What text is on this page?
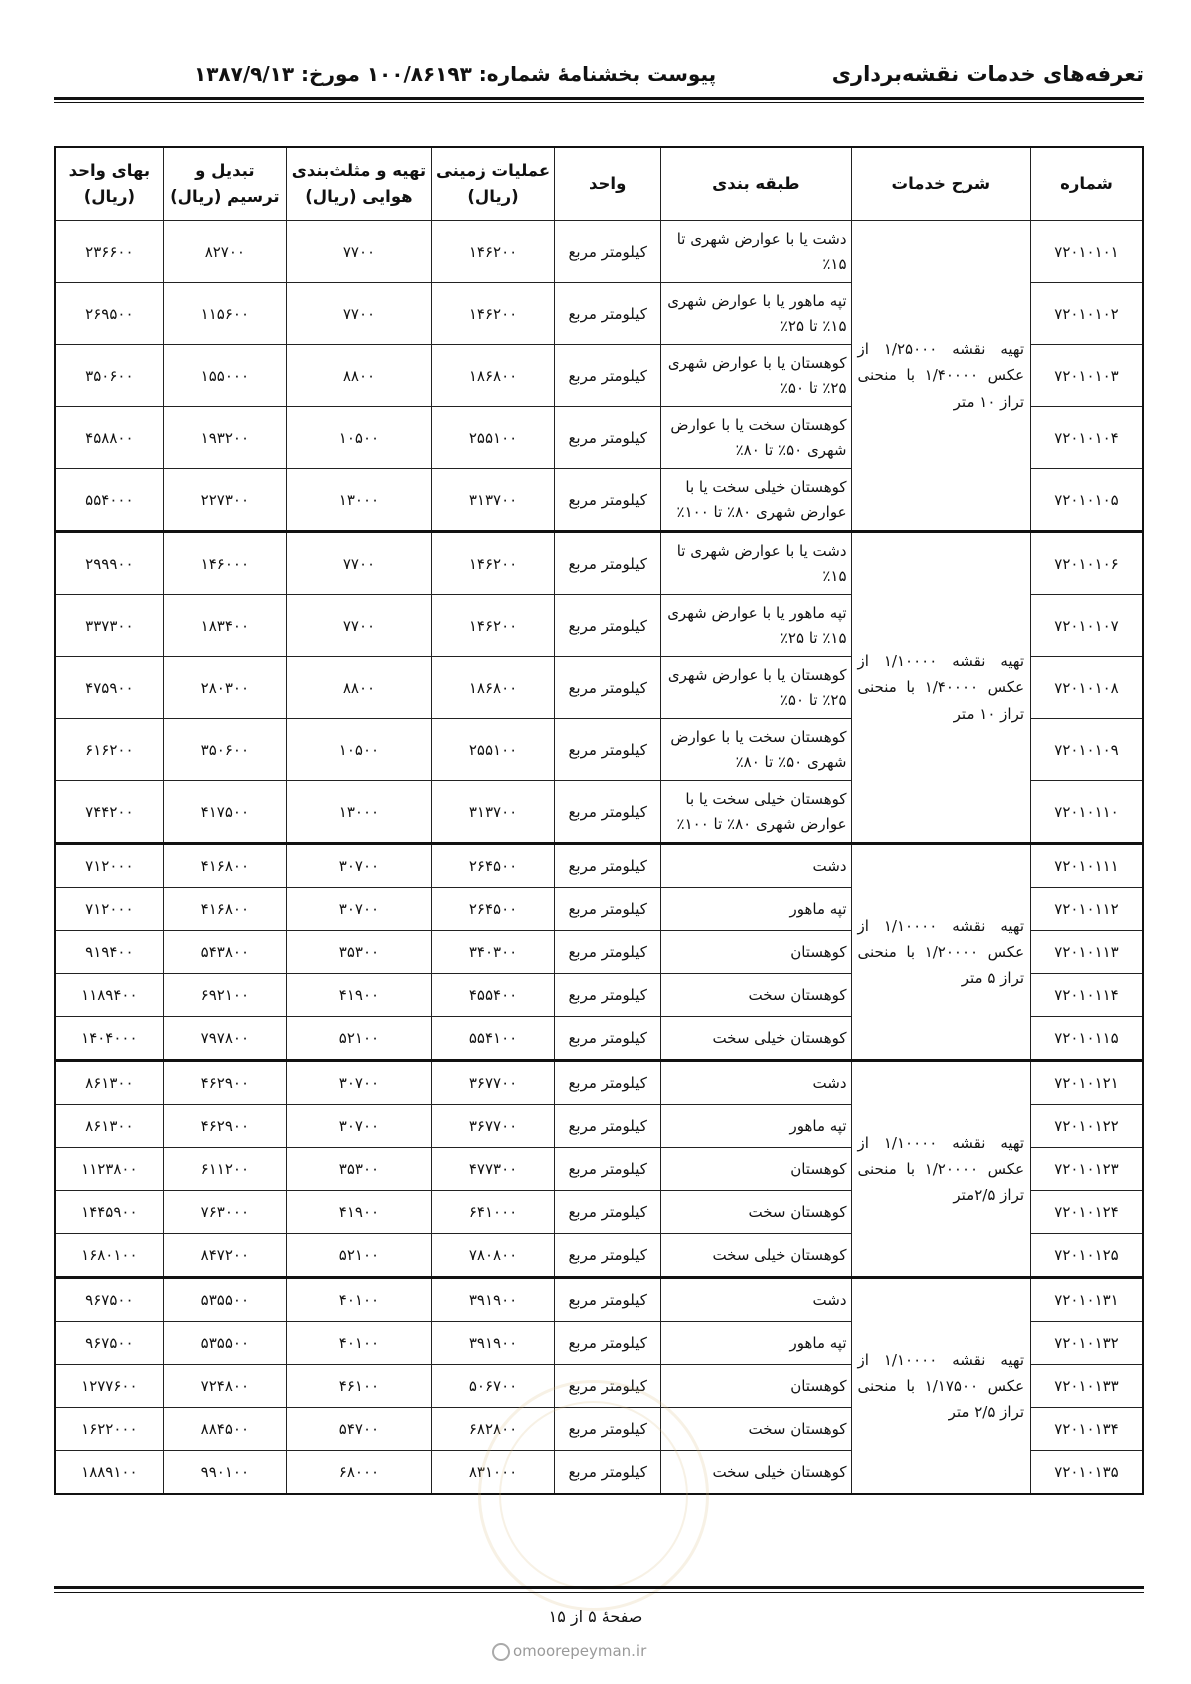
تعرفه‌های خدمات نقشه‌برداری
پیوست بخشنامهٔ شماره: ۱۰۰/۸۶۱۹۳ مورخ: ۱۳۸۷/۹/۱۳
شماره	شرح خدمات	طبقه بندی	واحد	عملیات زمینی (ریال)	تهیه و مثلث‌بندی هوایی (ریال)	تبدیل و ترسیم (ریال)	بهای واحد (ریال)
۷۲۰۱۰۱۰۱	تهیه نقشه ۱/۲۵۰۰۰ از عکس ۱/۴۰۰۰۰ با منحنی تراز ۱۰ متر	دشت یا با عوارض شهری تا ۱۵٪	کیلومتر مربع	۱۴۶۲۰۰	۷۷۰۰	۸۲۷۰۰	۲۳۶۶۰۰
۷۲۰۱۰۱۰۲		تپه ماهور یا با عوارض شهری ۱۵٪ تا ۲۵٪	کیلومتر مربع	۱۴۶۲۰۰	۷۷۰۰	۱۱۵۶۰۰	۲۶۹۵۰۰
۷۲۰۱۰۱۰۳		کوهستان یا با عوارض شهری ۲۵٪ تا ۵۰٪	کیلومتر مربع	۱۸۶۸۰۰	۸۸۰۰	۱۵۵۰۰۰	۳۵۰۶۰۰
۷۲۰۱۰۱۰۴		کوهستان سخت یا با عوارض شهری ۵۰٪ تا ۸۰٪	کیلومتر مربع	۲۵۵۱۰۰	۱۰۵۰۰	۱۹۳۲۰۰	۴۵۸۸۰۰
۷۲۰۱۰۱۰۵		کوهستان خیلی سخت یا با عوارض شهری ۸۰٪ تا ۱۰۰٪	کیلومتر مربع	۳۱۳۷۰۰	۱۳۰۰۰	۲۲۷۳۰۰	۵۵۴۰۰۰
۷۲۰۱۰۱۰۶	تهیه نقشه ۱/۱۰۰۰۰ از عکس ۱/۴۰۰۰۰ با منحنی تراز ۱۰ متر	دشت یا با عوارض شهری تا ۱۵٪	کیلومتر مربع	۱۴۶۲۰۰	۷۷۰۰	۱۴۶۰۰۰	۲۹۹۹۰۰
۷۲۰۱۰۱۰۷		تپه ماهور یا با عوارض شهری ۱۵٪ تا ۲۵٪	کیلومتر مربع	۱۴۶۲۰۰	۷۷۰۰	۱۸۳۴۰۰	۳۳۷۳۰۰
۷۲۰۱۰۱۰۸		کوهستان یا با عوارض شهری ۲۵٪ تا ۵۰٪	کیلومتر مربع	۱۸۶۸۰۰	۸۸۰۰	۲۸۰۳۰۰	۴۷۵۹۰۰
۷۲۰۱۰۱۰۹		کوهستان سخت یا با عوارض شهری ۵۰٪ تا ۸۰٪	کیلومتر مربع	۲۵۵۱۰۰	۱۰۵۰۰	۳۵۰۶۰۰	۶۱۶۲۰۰
۷۲۰۱۰۱۱۰		کوهستان خیلی سخت یا با عوارض شهری ۸۰٪ تا ۱۰۰٪	کیلومتر مربع	۳۱۳۷۰۰	۱۳۰۰۰	۴۱۷۵۰۰	۷۴۴۲۰۰
۷۲۰۱۰۱۱۱	تهیه نقشه ۱/۱۰۰۰۰ از عکس ۱/۲۰۰۰۰ با منحنی تراز ۵ متر	دشت	کیلومتر مربع	۲۶۴۵۰۰	۳۰۷۰۰	۴۱۶۸۰۰	۷۱۲۰۰۰
۷۲۰۱۰۱۱۲		تپه ماهور	کیلومتر مربع	۲۶۴۵۰۰	۳۰۷۰۰	۴۱۶۸۰۰	۷۱۲۰۰۰
۷۲۰۱۰۱۱۳		کوهستان	کیلومتر مربع	۳۴۰۳۰۰	۳۵۳۰۰	۵۴۳۸۰۰	۹۱۹۴۰۰
۷۲۰۱۰۱۱۴		کوهستان سخت	کیلومتر مربع	۴۵۵۴۰۰	۴۱۹۰۰	۶۹۲۱۰۰	۱۱۸۹۴۰۰
۷۲۰۱۰۱۱۵		کوهستان خیلی سخت	کیلومتر مربع	۵۵۴۱۰۰	۵۲۱۰۰	۷۹۷۸۰۰	۱۴۰۴۰۰۰
۷۲۰۱۰۱۲۱	تهیه نقشه ۱/۱۰۰۰۰ از عکس ۱/۲۰۰۰۰ با منحنی تراز ۲/۵متر	دشت	کیلومتر مربع	۳۶۷۷۰۰	۳۰۷۰۰	۴۶۲۹۰۰	۸۶۱۳۰۰
۷۲۰۱۰۱۲۲		تپه ماهور	کیلومتر مربع	۳۶۷۷۰۰	۳۰۷۰۰	۴۶۲۹۰۰	۸۶۱۳۰۰
۷۲۰۱۰۱۲۳		کوهستان	کیلومتر مربع	۴۷۷۳۰۰	۳۵۳۰۰	۶۱۱۲۰۰	۱۱۲۳۸۰۰
۷۲۰۱۰۱۲۴		کوهستان سخت	کیلومتر مربع	۶۴۱۰۰۰	۴۱۹۰۰	۷۶۳۰۰۰	۱۴۴۵۹۰۰
۷۲۰۱۰۱۲۵		کوهستان خیلی سخت	کیلومتر مربع	۷۸۰۸۰۰	۵۲۱۰۰	۸۴۷۲۰۰	۱۶۸۰۱۰۰
۷۲۰۱۰۱۳۱	تهیه نقشه ۱/۱۰۰۰۰ از عکس ۱/۱۷۵۰۰ با منحنی تراز ۲/۵ متر	دشت	کیلومتر مربع	۳۹۱۹۰۰	۴۰۱۰۰	۵۳۵۵۰۰	۹۶۷۵۰۰
۷۲۰۱۰۱۳۲		تپه ماهور	کیلومتر مربع	۳۹۱۹۰۰	۴۰۱۰۰	۵۳۵۵۰۰	۹۶۷۵۰۰
۷۲۰۱۰۱۳۳		کوهستان	کیلومتر مربع	۵۰۶۷۰۰	۴۶۱۰۰	۷۲۴۸۰۰	۱۲۷۷۶۰۰
۷۲۰۱۰۱۳۴		کوهستان سخت	کیلومتر مربع	۶۸۲۸۰۰	۵۴۷۰۰	۸۸۴۵۰۰	۱۶۲۲۰۰۰
۷۲۰۱۰۱۳۵		کوهستان خیلی سخت	کیلومتر مربع	۸۳۱۰۰۰	۶۸۰۰۰	۹۹۰۱۰۰	۱۸۸۹۱۰۰
صفحهٔ ۵ از ۱۵
omoorepeyman.ir
